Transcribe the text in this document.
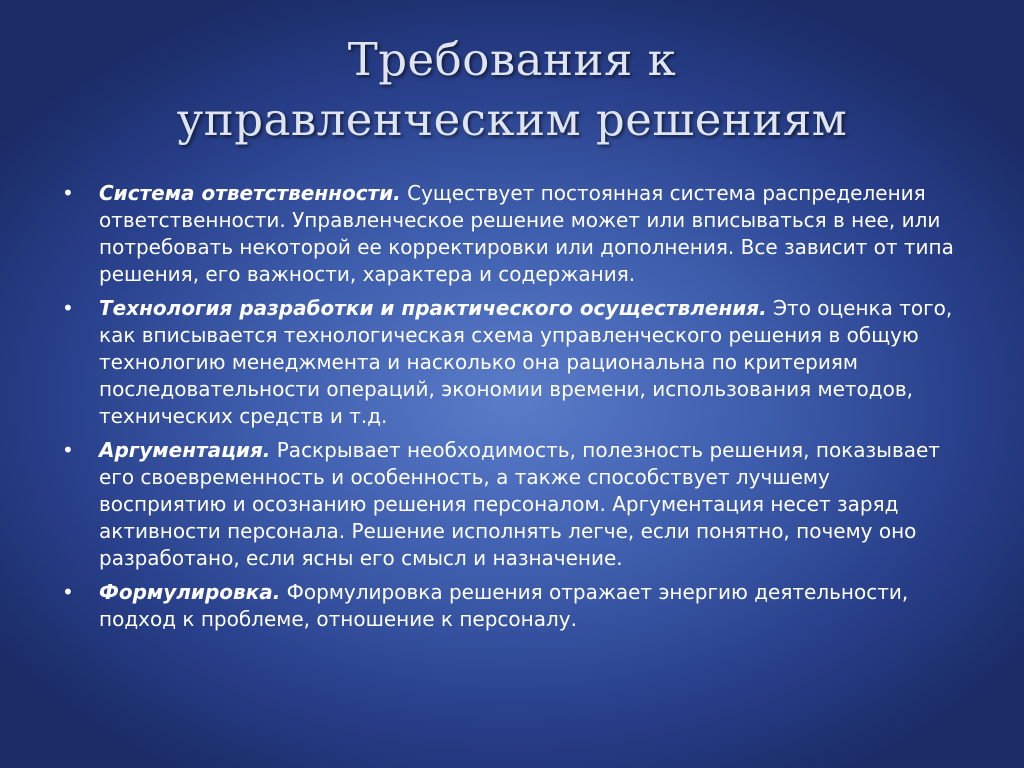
Требования к
управленческим решениям
• Система ответственности. Существует постоянная система распределения ответственности. Управленческое решение может или вписываться в нее, или потребовать некоторой ее корректировки или дополнения. Все зависит от типа решения, его важности, характера и содержания.
• Технология разработки и практического осуществления. Это оценка того, как вписывается технологическая схема управленческого решения в общую технологию менеджмента и насколько она рациональна по критериям последовательности операций, экономии времени, использования методов, технических средств и т.д.
• Аргументация. Раскрывает необходимость, полезность решения, показывает его своевременность и особенность, а также способствует лучшему восприятию и осознанию решения персоналом. Аргументация несет заряд активности персонала. Решение исполнять легче, если понятно, почему оно разработано, если ясны его смысл и назначение.
• Формулировка. Формулировка решения отражает энергию деятельности, подход к проблеме, отношение к персоналу.
